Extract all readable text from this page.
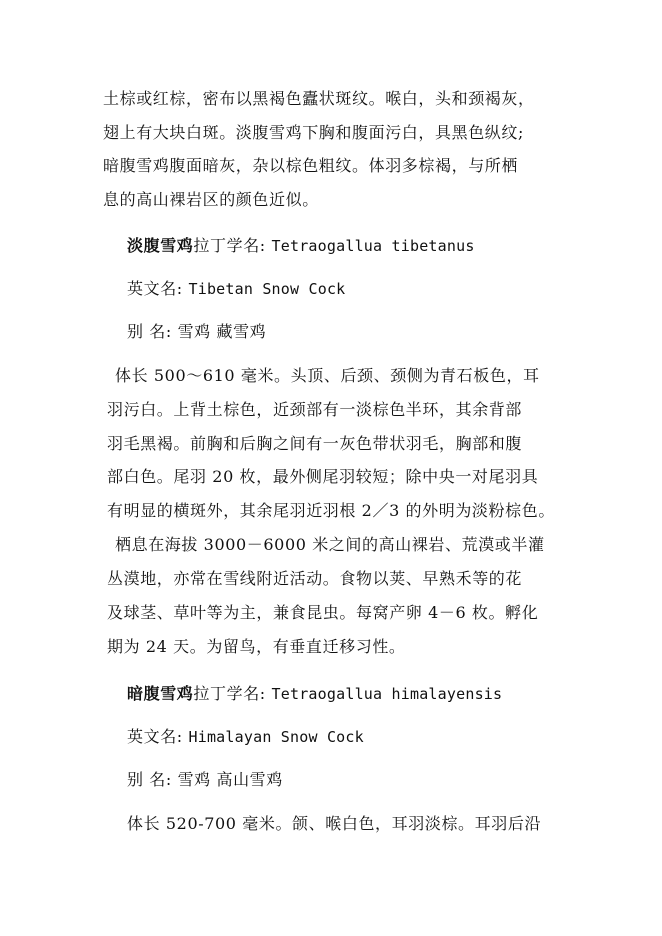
土棕或红棕，密布以黑褐色蠹状斑纹。喉白，头和颈褐灰，
翅上有大块白斑。淡腹雪鸡下胸和腹面污白，具黑色纵纹;
暗腹雪鸡腹面暗灰，杂以棕色粗纹。体羽多棕褐，与所栖
息的高山裸岩区的颜色近似。
淡腹雪鸡拉丁学名: Tetraogallua tibetanus
英文名: Tibetan Snow Cock
别 名: 雪鸡 藏雪鸡
体长 500～610 毫米。头顶、后颈、颈侧为青石板色，耳
羽污白。上背土棕色，近颈部有一淡棕色半环，其余背部
羽毛黑褐。前胸和后胸之间有一灰色带状羽毛，胸部和腹
部白色。尾羽 20 枚，最外侧尾羽较短；除中央一对尾羽具
有明显的横斑外，其余尾羽近羽根 2／3 的外明为淡粉棕色。
栖息在海拔 3000－6000 米之间的高山裸岩、荒漠或半灌
丛漠地，亦常在雪线附近活动。食物以荚、早熟禾等的花
及球茎、草叶等为主，兼食昆虫。每窝产卵 4－6 枚。孵化
期为 24 天。为留鸟，有垂直迁移习性。
暗腹雪鸡拉丁学名: Tetraogallua himalayensis
英文名: Himalayan Snow Cock
别 名: 雪鸡 高山雪鸡
体长 520-700 毫米。颌、喉白色，耳羽淡棕。耳羽后沿
